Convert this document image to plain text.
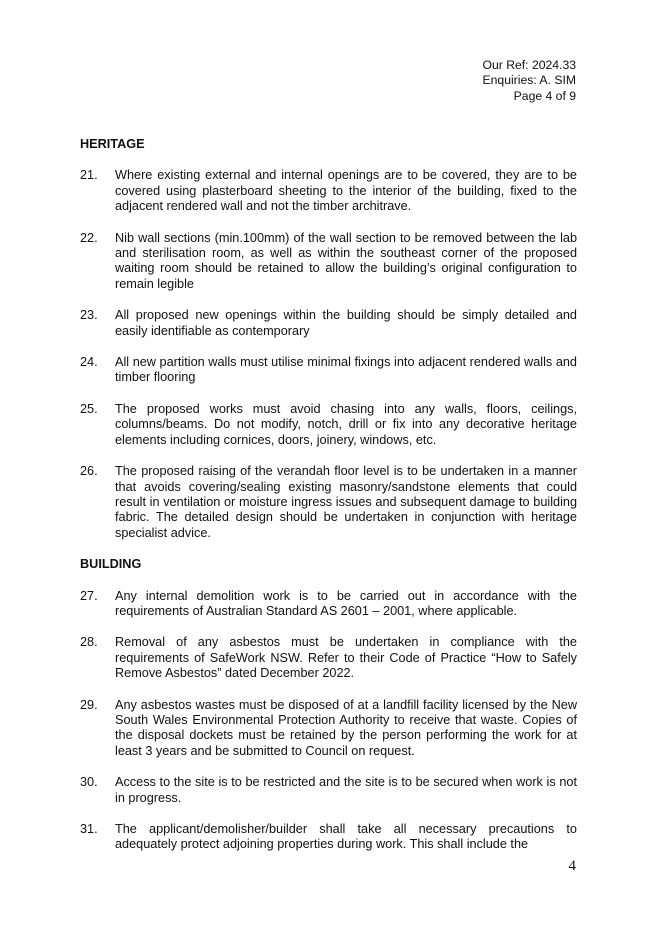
Our Ref: 2024.33
Enquiries: A. SIM
Page 4 of 9
HERITAGE
21.	Where existing external and internal openings are to be covered, they are to be covered using plasterboard sheeting to the interior of the building, fixed to the adjacent rendered wall and not the timber architrave.
22.	Nib wall sections (min.100mm) of the wall section to be removed between the lab and sterilisation room, as well as within the southeast corner of the proposed waiting room should be retained to allow the building’s original configuration to remain legible
23.	All proposed new openings within the building should be simply detailed and easily identifiable as contemporary
24.	All new partition walls must utilise minimal fixings into adjacent rendered walls and timber flooring
25.	The proposed works must avoid chasing into any walls, floors, ceilings, columns/beams. Do not modify, notch, drill or fix into any decorative heritage elements including cornices, doors, joinery, windows, etc.
26.	The proposed raising of the verandah floor level is to be undertaken in a manner that avoids covering/sealing existing masonry/sandstone elements that could result in ventilation or moisture ingress issues and subsequent damage to building fabric. The detailed design should be undertaken in conjunction with heritage specialist advice.
BUILDING
27.	Any internal demolition work is to be carried out in accordance with the requirements of Australian Standard AS 2601 – 2001, where applicable.
28.	Removal of any asbestos must be undertaken in compliance with the requirements of SafeWork NSW. Refer to their Code of Practice “How to Safely Remove Asbestos” dated December 2022.
29.	Any asbestos wastes must be disposed of at a landfill facility licensed by the New South Wales Environmental Protection Authority to receive that waste. Copies of the disposal dockets must be retained by the person performing the work for at least 3 years and be submitted to Council on request.
30.	Access to the site is to be restricted and the site is to be secured when work is not in progress.
31.	The applicant/demolisher/builder shall take all necessary precautions to adequately protect adjoining properties during work. This shall include the
4
